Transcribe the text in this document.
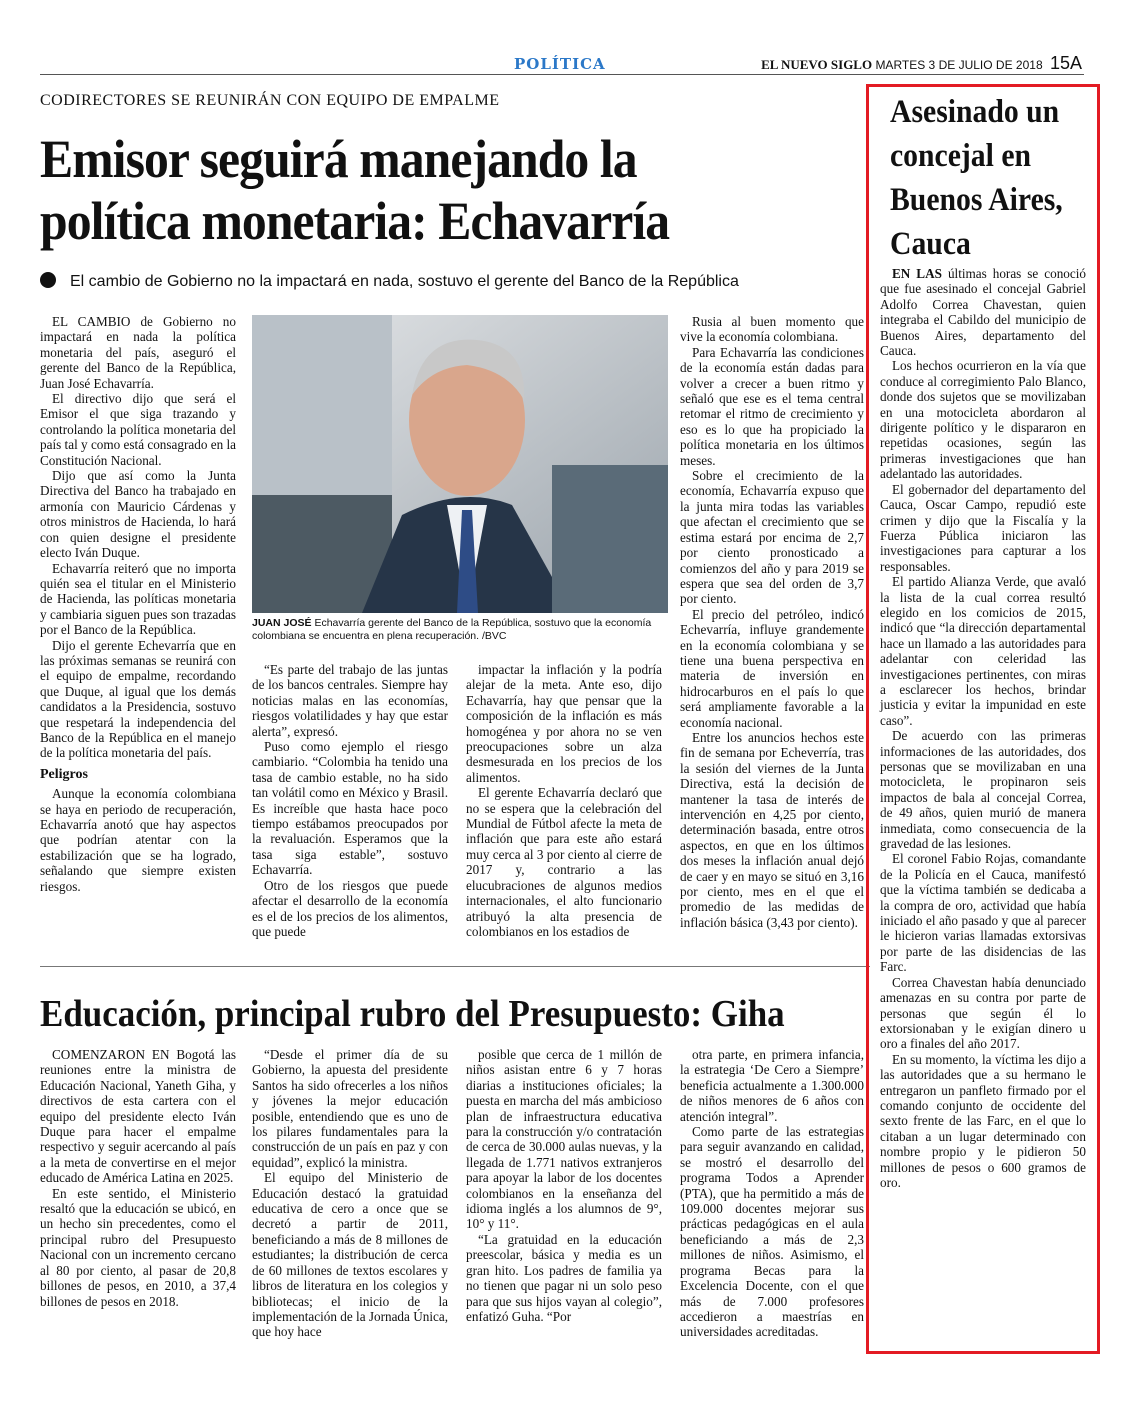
POLÍTICA	EL NUEVO SIGLO MARTES 3 DE JULIO DE 2018 15A
CODIRECTORES SE REUNIRÁN CON EQUIPO DE EMPALME
Emisor seguirá manejando la política monetaria: Echavarría
El cambio de Gobierno no la impactará en nada, sostuvo el gerente del Banco de la República

EL CAMBIO de Gobierno no impactará en nada la política monetaria del país, aseguró el gerente del Banco de la República, Juan José Echavarría.

El directivo dijo que será el Emisor el que siga trazando y controlando la política monetaria del país tal y como está consagrado en la Constitución Nacional.

Dijo que así como la Junta Directiva del Banco ha trabajado en armonía con Mauricio Cárdenas y otros ministros de Hacienda, lo hará con quien designe el presidente electo Iván Duque.

Echavarría reiteró que no importa quién sea el titular en el Ministerio de Hacienda, las políticas monetaria y cambiaria siguen pues son trazadas por el Banco de la República.

Dijo el gerente Echevarría que en las próximas semanas se reunirá con el equipo de empalme, recordando que Duque, al igual que los demás candidatos a la Presidencia, sostuvo que respetará la independencia del Banco de la República en el manejo de la política monetaria del país.

Peligros

Aunque la economía colombiana se haya en periodo de recuperación, Echavarría anotó que hay aspectos que podrían atentar con la estabilización que se ha logrado, señalando que siempre existen riesgos.

JUAN JOSÉ Echavarría gerente del Banco de la República, sostuvo que la economía colombiana se encuentra en plena recuperación. /BVC

“Es parte del trabajo de las juntas de los bancos centrales. Siempre hay noticias malas en las economías, riesgos volatilidades y hay que estar alerta”, expresó.

Puso como ejemplo el riesgo cambiario. “Colombia ha tenido una tasa de cambio estable, no ha sido tan volátil como en México y Brasil. Es increíble que hasta hace poco tiempo estábamos preocupados por la revaluación. Esperamos que la tasa siga estable”, sostuvo Echavarría.

Otro de los riesgos que puede afectar el desarrollo de la economía es el de los precios de los alimentos, que puede

impactar la inflación y la podría alejar de la meta. Ante eso, dijo Echavarría, hay que pensar que la composición de la inflación es más homogénea y por ahora no se ven preocupaciones sobre un alza desmesurada en los precios de los alimentos.

El gerente Echavarría declaró que no se espera que la celebración del Mundial de Fútbol afecte la meta de inflación que para este año estará muy cerca al 3 por ciento al cierre de 2017 y, contrario a las elucubraciones de algunos medios internacionales, el alto funcionario atribuyó la alta presencia de colombianos en los estadios de

Rusia al buen momento que vive la economía colombiana.

Para Echavarría las condiciones de la economía están dadas para volver a crecer a buen ritmo y señaló que ese es el tema central retomar el ritmo de crecimiento y eso es lo que ha propiciado la política monetaria en los últimos meses.

Sobre el crecimiento de la economía, Echavarría expuso que la junta mira todas las variables que afectan el crecimiento que se estima estará por encima de 2,7 por ciento pronosticado a comienzos del año y para 2019 se espera que sea del orden de 3,7 por ciento.

El precio del petróleo, indicó Echevarría, influye grandemente en la economía colombiana y se tiene una buena perspectiva en materia de inversión en hidrocarburos en el país lo que será ampliamente favorable a la economía nacional.

Entre los anuncios hechos este fin de semana por Echeverría, tras la sesión del viernes de la Junta Directiva, está la decisión de mantener la tasa de interés de intervención en 4,25 por ciento, determinación basada, entre otros aspectos, en que en los últimos dos meses la inflación anual dejó de caer y en mayo se situó en 3,16 por ciento, mes en el que el promedio de las medidas de inflación básica (3,43 por ciento).

Educación, principal rubro del Presupuesto: Giha

COMENZARON EN Bogotá las reuniones entre la ministra de Educación Nacional, Yaneth Giha, y directivos de esta cartera con el equipo del presidente electo Iván Duque para hacer el empalme respectivo y seguir acercando al país a la meta de convertirse en el mejor educado de América Latina en 2025.

En este sentido, el Ministerio resaltó que la educación se ubicó, en un hecho sin precedentes, como el principal rubro del Presupuesto Nacional con un incremento cercano al 80 por ciento, al pasar de 20,8 billones de pesos, en 2010, a 37,4 billones de pesos en 2018.

“Desde el primer día de su Gobierno, la apuesta del presidente Santos ha sido ofrecerles a los niños y jóvenes la mejor educación posible, entendiendo que es uno de los pilares fundamentales para la construcción de un país en paz y con equidad”, explicó la ministra.

El equipo del Ministerio de Educación destacó la gratuidad educativa de cero a once que se decretó a partir de 2011, beneficiando a más de 8 millones de estudiantes; la distribución de cerca de 60 millones de textos escolares y libros de literatura en los colegios y bibliotecas; el inicio de la implementación de la Jornada Única, que hoy hace

posible que cerca de 1 millón de niños asistan entre 6 y 7 horas diarias a instituciones oficiales; la puesta en marcha del más ambicioso plan de infraestructura educativa para la construcción y/o contratación de cerca de 30.000 aulas nuevas, y la llegada de 1.771 nativos extranjeros para apoyar la labor de los docentes colombianos en la enseñanza del idioma inglés a los alumnos de 9°, 10° y 11°.

“La gratuidad en la educación preescolar, básica y media es un gran hito. Los padres de familia ya no tienen que pagar ni un solo peso para que sus hijos vayan al colegio”, enfatizó Guha. “Por

otra parte, en primera infancia, la estrategia ‘De Cero a Siempre’ beneficia actualmente a 1.300.000 de niños menores de 6 años con atención integral”.

Como parte de las estrategias para seguir avanzando en calidad, se mostró el desarrollo del programa Todos a Aprender (PTA), que ha permitido a más de 109.000 docentes mejorar sus prácticas pedagógicas en el aula beneficiando a más de 2,3 millones de niños. Asimismo, el programa Becas para la Excelencia Docente, con el que más de 7.000 profesores accedieron a maestrías en universidades acreditadas.

Asesinado un concejal en Buenos Aires, Cauca

EN LAS últimas horas se conoció que fue asesinado el concejal Gabriel Adolfo Correa Chavestan, quien integraba el Cabildo del municipio de Buenos Aires, departamento del Cauca.

Los hechos ocurrieron en la vía que conduce al corregimiento Palo Blanco, donde dos sujetos que se movilizaban en una motocicleta abordaron al dirigente político y le dispararon en repetidas ocasiones, según las primeras investigaciones que han adelantado las autoridades.

El gobernador del departamento del Cauca, Oscar Campo, repudió este crimen y dijo que la Fiscalía y la Fuerza Pública iniciaron las investigaciones para capturar a los responsables.

El partido Alianza Verde, que avaló la lista de la cual correa resultó elegido en los comicios de 2015, indicó que “la dirección departamental hace un llamado a las autoridades para adelantar con celeridad las investigaciones pertinentes, con miras a esclarecer los hechos, brindar justicia y evitar la impunidad en este caso”.

De acuerdo con las primeras informaciones de las autoridades, dos personas que se movilizaban en una motocicleta, le propinaron seis impactos de bala al concejal Correa, de 49 años, quien murió de manera inmediata, como consecuencia de la gravedad de las lesiones.

El coronel Fabio Rojas, comandante de la Policía en el Cauca, manifestó que la víctima también se dedicaba a la compra de oro, actividad que había iniciado el año pasado y que al parecer le hicieron varias llamadas extorsivas por parte de las disidencias de las Farc.

Correa Chavestan había denunciado amenazas en su contra por parte de personas que según él lo extorsionaban y le exigían dinero u oro a finales del año 2017.

En su momento, la víctima les dijo a las autoridades que a su hermano le entregaron un panfleto firmado por el comando conjunto de occidente del sexto frente de las Farc, en el que lo citaban a un lugar determinado con nombre propio y le pidieron 50 millones de pesos o 600 gramos de oro.
